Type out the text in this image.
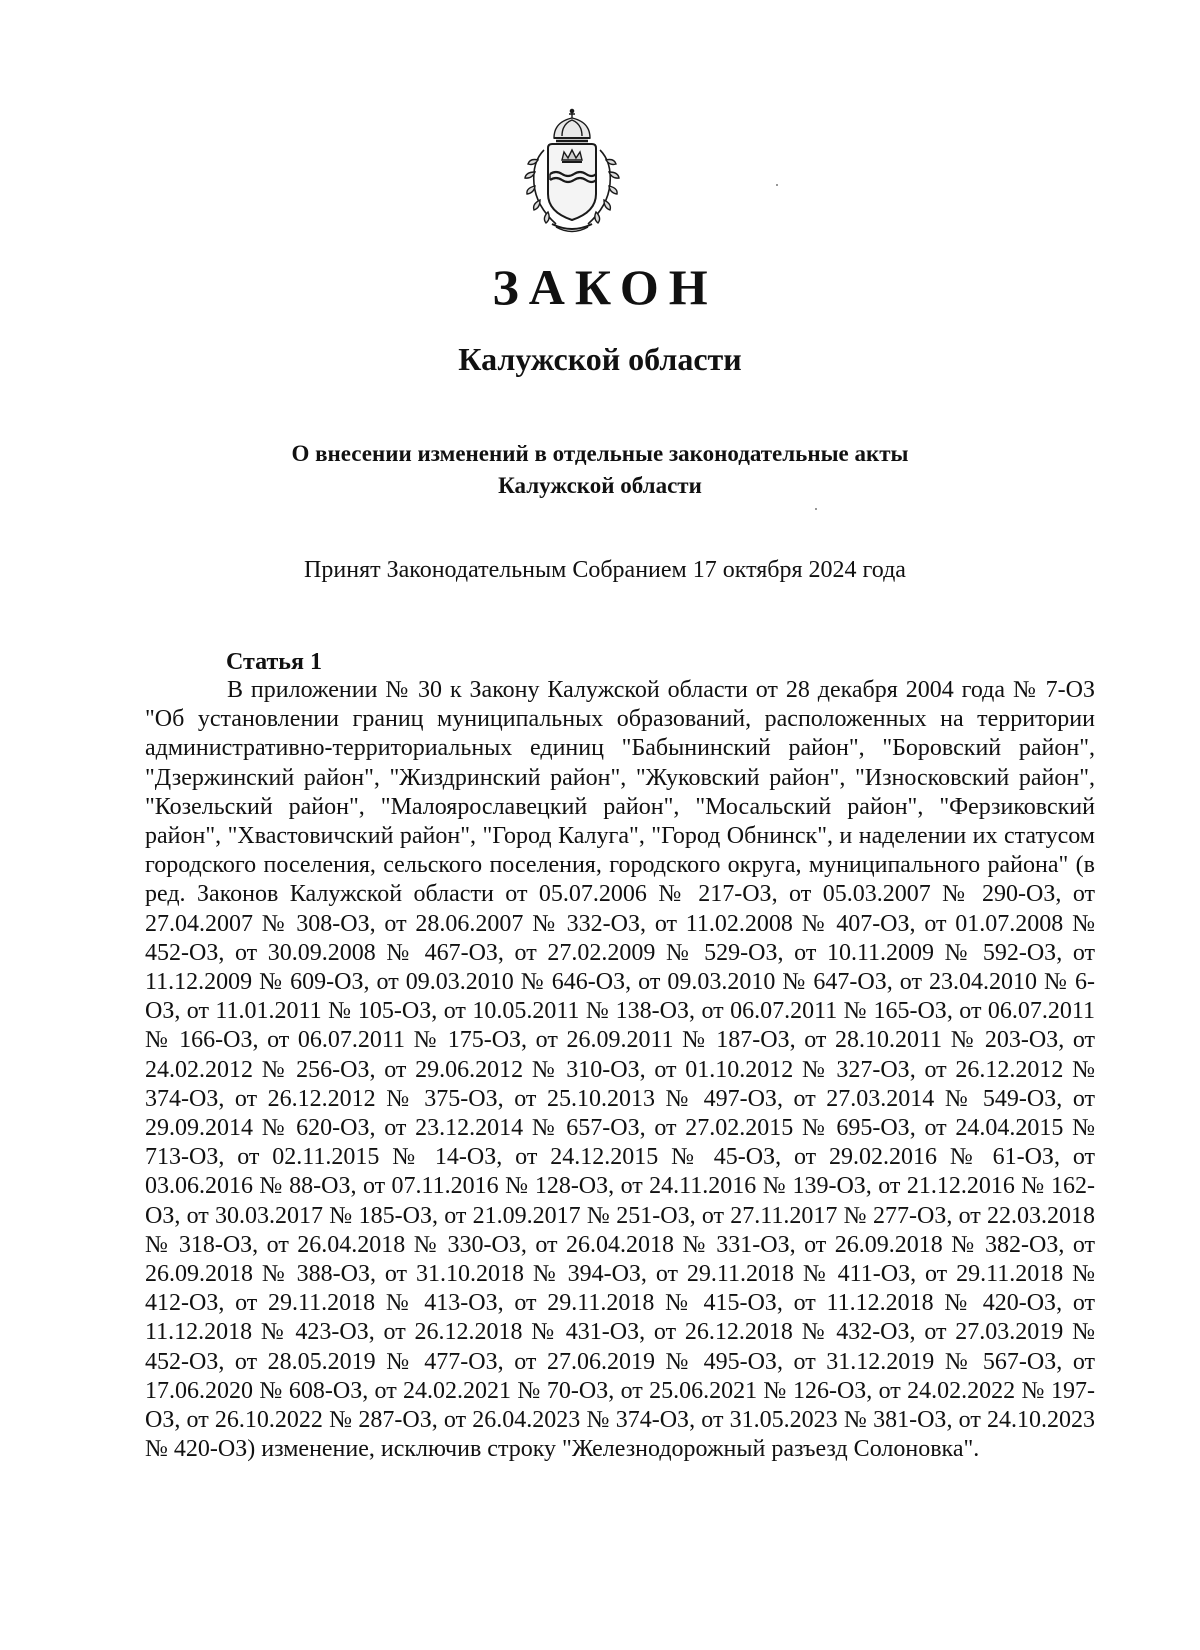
ЗАКОН
Калужской области
О внесении изменений в отдельные законодательные акты
Калужской области
Принят Законодательным Собранием 17 октября 2024 года
Статья 1

В приложении № 30 к Закону Калужской области от 28 декабря 2004 года № 7-ОЗ "Об установлении границ муниципальных образований, расположенных на территории административно-территориальных единиц "Бабынинский район", "Боровский район", "Дзержинский район", "Жиздринский район", "Жуковский район", "Износковский район", "Козельский район", "Малоярославецкий район", "Мосальский район", "Ферзиковский район", "Хвастовичский район", "Город Калуга", "Город Обнинск", и наделении их статусом городского поселения, сельского поселения, городского округа, муниципального района" (в ред. Законов Калужской области от 05.07.2006 № 217-ОЗ, от 05.03.2007 № 290-ОЗ, от 27.04.2007 № 308-ОЗ, от 28.06.2007 № 332-ОЗ, от 11.02.2008 № 407-ОЗ, от 01.07.2008 № 452-ОЗ, от 30.09.2008 № 467-ОЗ, от 27.02.2009 № 529-ОЗ, от 10.11.2009 № 592-ОЗ, от 11.12.2009 № 609-ОЗ, от 09.03.2010 № 646-ОЗ, от 09.03.2010 № 647-ОЗ, от 23.04.2010 № 6-ОЗ, от 11.01.2011 № 105-ОЗ, от 10.05.2011 № 138-ОЗ, от 06.07.2011 № 165-ОЗ, от 06.07.2011 № 166-ОЗ, от 06.07.2011 № 175-ОЗ, от 26.09.2011 № 187-ОЗ, от 28.10.2011 № 203-ОЗ, от 24.02.2012 № 256-ОЗ, от 29.06.2012 № 310-ОЗ, от 01.10.2012 № 327-ОЗ, от 26.12.2012 № 374-ОЗ, от 26.12.2012 № 375-ОЗ, от 25.10.2013 № 497-ОЗ, от 27.03.2014 № 549-ОЗ, от 29.09.2014 № 620-ОЗ, от 23.12.2014 № 657-ОЗ, от 27.02.2015 № 695-ОЗ, от 24.04.2015 № 713-ОЗ, от 02.11.2015 № 14-ОЗ, от 24.12.2015 № 45-ОЗ, от 29.02.2016 № 61-ОЗ, от 03.06.2016 № 88-ОЗ, от 07.11.2016 № 128-ОЗ, от 24.11.2016 № 139-ОЗ, от 21.12.2016 № 162-ОЗ, от 30.03.2017 № 185-ОЗ, от 21.09.2017 № 251-ОЗ, от 27.11.2017 № 277-ОЗ, от 22.03.2018 № 318-ОЗ, от 26.04.2018 № 330-ОЗ, от 26.04.2018 № 331-ОЗ, от 26.09.2018 № 382-ОЗ, от 26.09.2018 № 388-ОЗ, от 31.10.2018 № 394-ОЗ, от 29.11.2018 № 411-ОЗ, от 29.11.2018 № 412-ОЗ, от 29.11.2018 № 413-ОЗ, от 29.11.2018 № 415-ОЗ, от 11.12.2018 № 420-ОЗ, от 11.12.2018 № 423-ОЗ, от 26.12.2018 № 431-ОЗ, от 26.12.2018 № 432-ОЗ, от 27.03.2019 № 452-ОЗ, от 28.05.2019 № 477-ОЗ, от 27.06.2019 № 495-ОЗ, от 31.12.2019 № 567-ОЗ, от 17.06.2020 № 608-ОЗ, от 24.02.2021 № 70-ОЗ, от 25.06.2021 № 126-ОЗ, от 24.02.2022 № 197-ОЗ, от 26.10.2022 № 287-ОЗ, от 26.04.2023 № 374-ОЗ, от 31.05.2023 № 381-ОЗ, от 24.10.2023 № 420-ОЗ) изменение, исключив строку "Железнодорожный разъезд Солоновка".
